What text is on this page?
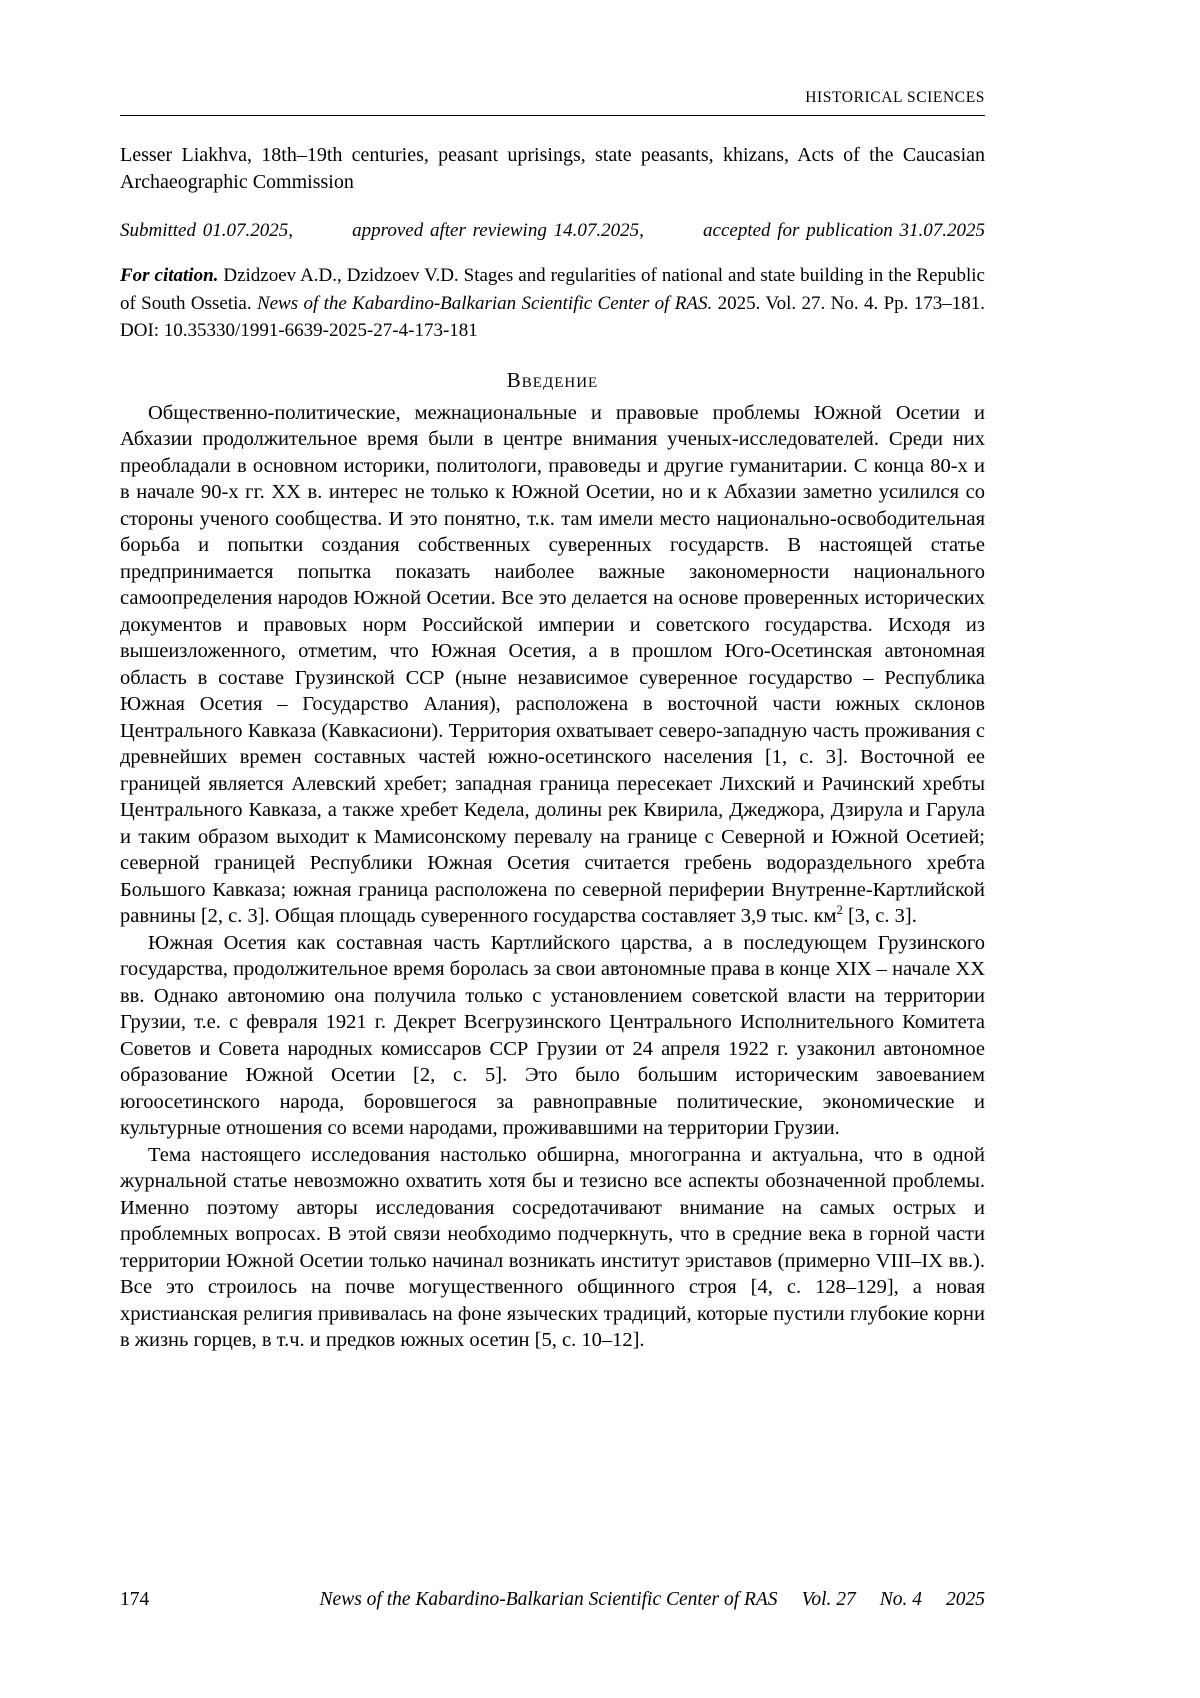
HISTORICAL SCIENCES

Lesser Liakhva, 18th–19th centuries, peasant uprisings, state peasants, khizans, Acts of the Caucasian Archaeographic Commission

Submitted 01.07.2025,	approved after reviewing 14.07.2025,	accepted for publication 31.07.2025

For citation. Dzidzoev A.D., Dzidzoev V.D. Stages and regularities of national and state building in the Republic of South Ossetia. News of the Kabardino-Balkarian Scientific Center of RAS. 2025. Vol. 27. No. 4. Pp. 173–181. DOI: 10.35330/1991-6639-2025-27-4-173-181

Введение

Общественно-политические, межнациональные и правовые проблемы Южной Осетии и Абхазии продолжительное время были в центре внимания ученых-исследователей. Среди них преобладали в основном историки, политологи, правоведы и другие гуманитарии. С конца 80-х и в начале 90-х гг. XX в. интерес не только к Южной Осетии, но и к Абхазии заметно усилился со стороны ученого сообщества. И это понятно, т.к. там имели место национально-освободительная борьба и попытки создания собственных суверенных государств. В настоящей статье предпринимается попытка показать наиболее важные закономерности национального самоопределения народов Южной Осетии. Все это делается на основе проверенных исторических документов и правовых норм Российской империи и советского государства. Исходя из вышеизложенного, отметим, что Южная Осетия, а в прошлом Юго-Осетинская автономная область в составе Грузинской ССР (ныне независимое суверенное государство – Республика Южная Осетия – Государство Алания), расположена в восточной части южных склонов Центрального Кавказа (Кавкасиони). Территория охватывает северо-западную часть проживания с древнейших времен составных частей южно-осетинского населения [1, с. 3]. Восточной ее границей является Алевский хребет; западная граница пересекает Лихский и Рачинский хребты Центрального Кавказа, а также хребет Кедела, долины рек Квирила, Джеджора, Дзирула и Гарула и таким образом выходит к Мамисонскому перевалу на границе с Северной и Южной Осетией; северной границей Республики Южная Осетия считается гребень водораздельного хребта Большого Кавказа; южная граница расположена по северной периферии Внутренне-Картлийской равнины [2, с. 3]. Общая площадь суверенного государства составляет 3,9 тыс. $км^2$ [3, с. 3].

Южная Осетия как составная часть Картлийского царства, а в последующем Грузинского государства, продолжительное время боролась за свои автономные права в конце XIX – начале XX вв. Однако автономию она получила только с установлением советской власти на территории Грузии, т.е. с февраля 1921 г. Декрет Всегрузинского Центрального Исполнительного Комитета Советов и Совета народных комиссаров ССР Грузии от 24 апреля 1922 г. узаконил автономное образование Южной Осетии [2, с. 5]. Это было большим историческим завоеванием югоосетинского народа, боровшегося за равноправные политические, экономические и культурные отношения со всеми народами, проживавшими на территории Грузии.

Тема настоящего исследования настолько обширна, многогранна и актуальна, что в одной журнальной статье невозможно охватить хотя бы и тезисно все аспекты обозначенной проблемы. Именно поэтому авторы исследования сосредотачивают внимание на самых острых и проблемных вопросах. В этой связи необходимо подчеркнуть, что в средние века в горной части территории Южной Осетии только начинал возникать институт эриставов (примерно VIII–IX вв.). Все это строилось на почве могущественного общинного строя [4, с. 128–129], а новая христианская религия прививалась на фоне языческих традиций, которые пустили глубокие корни в жизнь горцев, в т.ч. и предков южных осетин [5, с. 10–12].

174	News of the Kabardino-Balkarian Scientific Center of RAS Vol. 27 No. 4 2025
